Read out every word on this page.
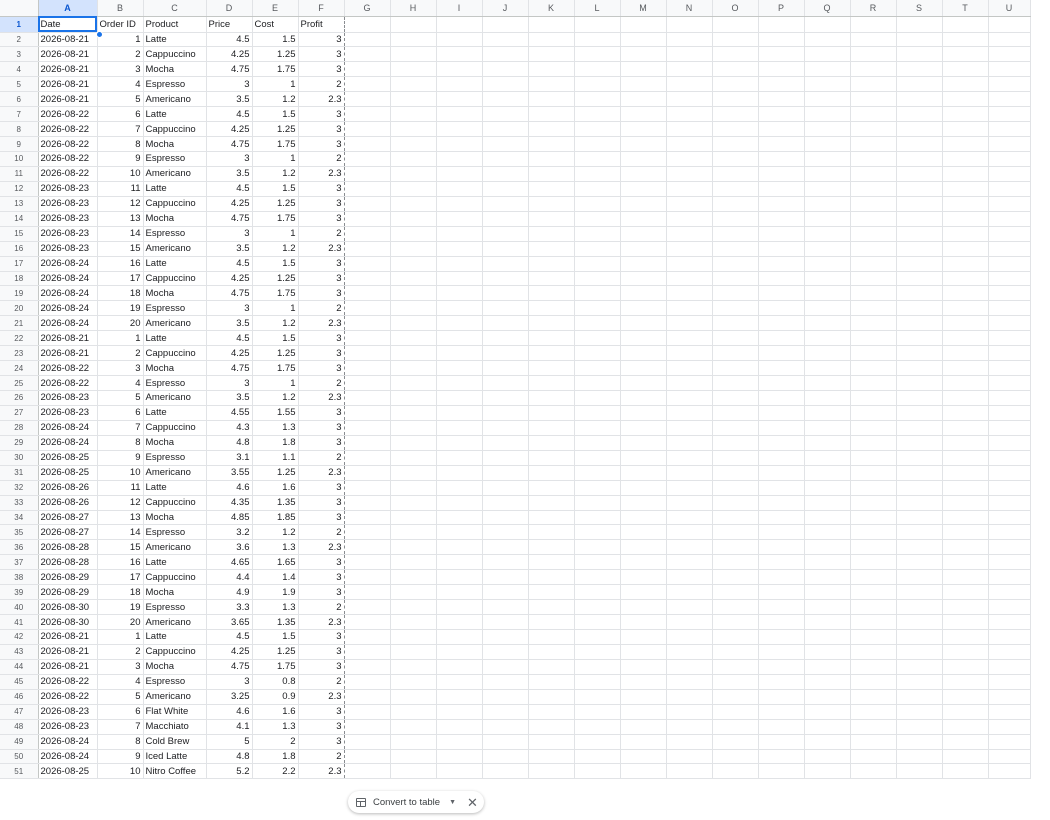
	A	B	C	D	E	F	G	H	I	J	K	L	M	N	O	P	Q	R	S	T	U
1	Date	Order ID	Product	Price	Cost	Profit															
2	2026-08-21	1	Latte	4.5	1.5	3															
3	2026-08-21	2	Cappuccino	4.25	1.25	3															
4	2026-08-21	3	Mocha	4.75	1.75	3															
5	2026-08-21	4	Espresso	3	1	2															
6	2026-08-21	5	Americano	3.5	1.2	2.3															
7	2026-08-22	6	Latte	4.5	1.5	3															
8	2026-08-22	7	Cappuccino	4.25	1.25	3															
9	2026-08-22	8	Mocha	4.75	1.75	3															
10	2026-08-22	9	Espresso	3	1	2															
11	2026-08-22	10	Americano	3.5	1.2	2.3															
12	2026-08-23	11	Latte	4.5	1.5	3															
13	2026-08-23	12	Cappuccino	4.25	1.25	3															
14	2026-08-23	13	Mocha	4.75	1.75	3															
15	2026-08-23	14	Espresso	3	1	2															
16	2026-08-23	15	Americano	3.5	1.2	2.3															
17	2026-08-24	16	Latte	4.5	1.5	3															
18	2026-08-24	17	Cappuccino	4.25	1.25	3															
19	2026-08-24	18	Mocha	4.75	1.75	3															
20	2026-08-24	19	Espresso	3	1	2															
21	2026-08-24	20	Americano	3.5	1.2	2.3															
22	2026-08-21	1	Latte	4.5	1.5	3															
23	2026-08-21	2	Cappuccino	4.25	1.25	3															
24	2026-08-22	3	Mocha	4.75	1.75	3															
25	2026-08-22	4	Espresso	3	1	2															
26	2026-08-23	5	Americano	3.5	1.2	2.3															
27	2026-08-23	6	Latte	4.55	1.55	3															
28	2026-08-24	7	Cappuccino	4.3	1.3	3															
29	2026-08-24	8	Mocha	4.8	1.8	3															
30	2026-08-25	9	Espresso	3.1	1.1	2															
31	2026-08-25	10	Americano	3.55	1.25	2.3															
32	2026-08-26	11	Latte	4.6	1.6	3															
33	2026-08-26	12	Cappuccino	4.35	1.35	3															
34	2026-08-27	13	Mocha	4.85	1.85	3															
35	2026-08-27	14	Espresso	3.2	1.2	2															
36	2026-08-28	15	Americano	3.6	1.3	2.3															
37	2026-08-28	16	Latte	4.65	1.65	3															
38	2026-08-29	17	Cappuccino	4.4	1.4	3															
39	2026-08-29	18	Mocha	4.9	1.9	3															
40	2026-08-30	19	Espresso	3.3	1.3	2															
41	2026-08-30	20	Americano	3.65	1.35	2.3															
42	2026-08-21	1	Latte	4.5	1.5	3															
43	2026-08-21	2	Cappuccino	4.25	1.25	3															
44	2026-08-21	3	Mocha	4.75	1.75	3															
45	2026-08-22	4	Espresso	3	0.8	2															
46	2026-08-22	5	Americano	3.25	0.9	2.3															
47	2026-08-23	6	Flat White	4.6	1.6	3															
48	2026-08-23	7	Macchiato	4.1	1.3	3															
49	2026-08-24	8	Cold Brew	5	2	3															
50	2026-08-24	9	Iced Latte	4.8	1.8	2															
51	2026-08-25	10	Nitro Coffee	5.2	2.2	2.3															
Convert to table ▼ ✕
